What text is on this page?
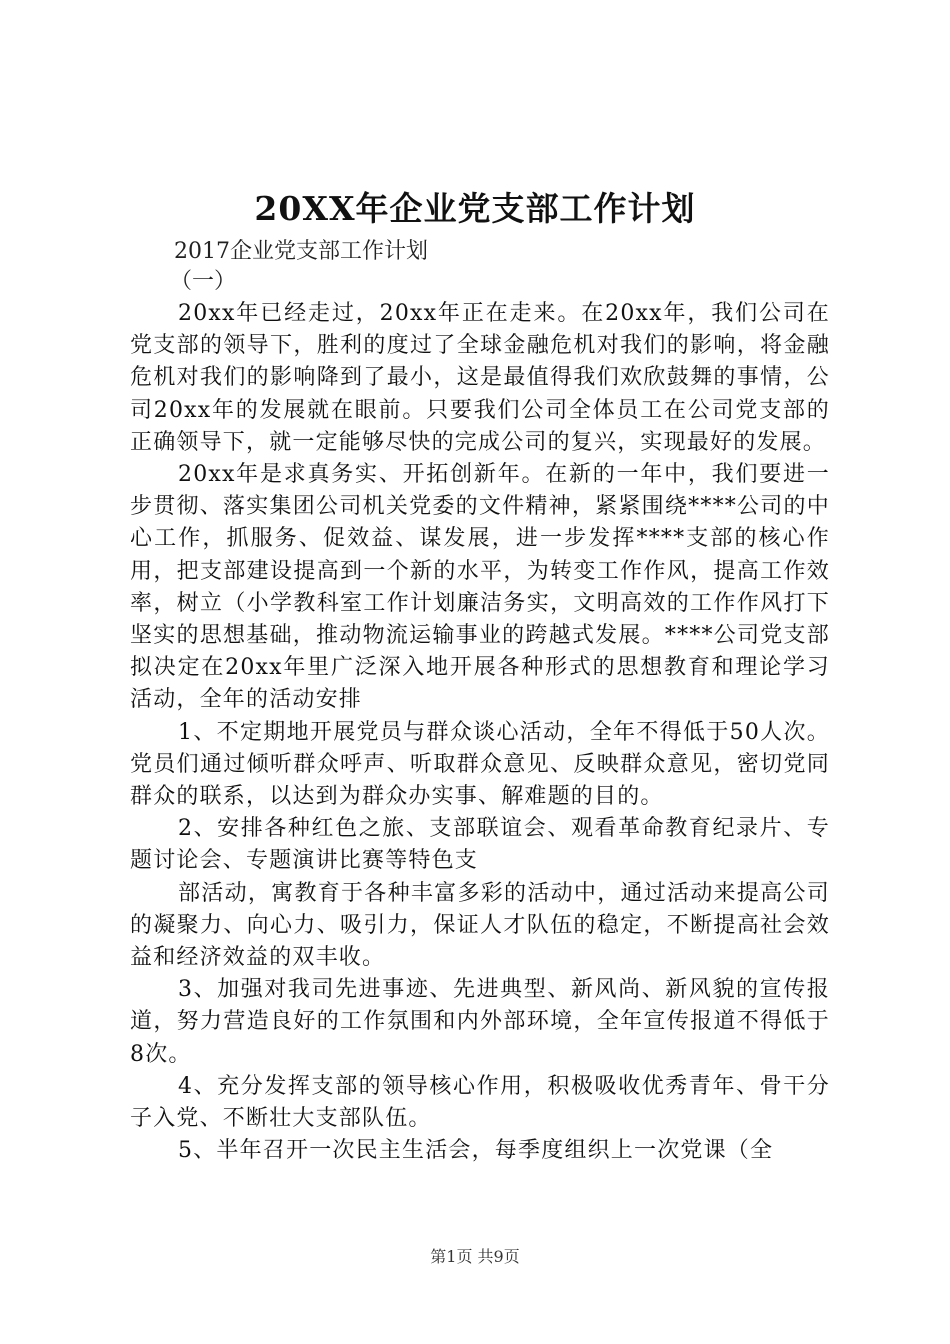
20XX年企业党支部工作计划
2017企业党支部工作计划
（一）

20xx年已经走过，20xx年正在走来。在20xx年，我们公司在党支部的领导下，胜利的度过了全球金融危机对我们的影响，将金融危机对我们的影响降到了最小，这是最值得我们欢欣鼓舞的事情，公司20xx年的发展就在眼前。只要我们公司全体员工在公司党支部的正确领导下，就一定能够尽快的完成公司的复兴，实现最好的发展。

20xx年是求真务实、开拓创新年。在新的一年中，我们要进一步贯彻、落实集团公司机关党委的文件精神，紧紧围绕****公司的中心工作，抓服务、促效益、谋发展，进一步发挥****支部的核心作用，把支部建设提高到一个新的水平，为转变工作作风，提高工作效率，树立（小学教科室工作计划廉洁务实，文明高效的工作作风打下坚实的思想基础，推动物流运输事业的跨越式发展。****公司党支部拟决定在20xx年里广泛深入地开展各种形式的思想教育和理论学习活动，全年的活动安排

1、不定期地开展党员与群众谈心活动，全年不得低于50人次。党员们通过倾听群众呼声、听取群众意见、反映群众意见，密切党同群众的联系，以达到为群众办实事、解难题的目的。

2、安排各种红色之旅、支部联谊会、观看革命教育纪录片、专题讨论会、专题演讲比赛等特色支

部活动，寓教育于各种丰富多彩的活动中，通过活动来提高公司的凝聚力、向心力、吸引力，保证人才队伍的稳定，不断提高社会效益和经济效益的双丰收。

3、加强对我司先进事迹、先进典型、新风尚、新风貌的宣传报道，努力营造良好的工作氛围和内外部环境，全年宣传报道不得低于8次。

4、充分发挥支部的领导核心作用，积极吸收优秀青年、骨干分子入党、不断壮大支部队伍。

5、半年召开一次民主生活会，每季度组织上一次党课（全

第1页 共9页
